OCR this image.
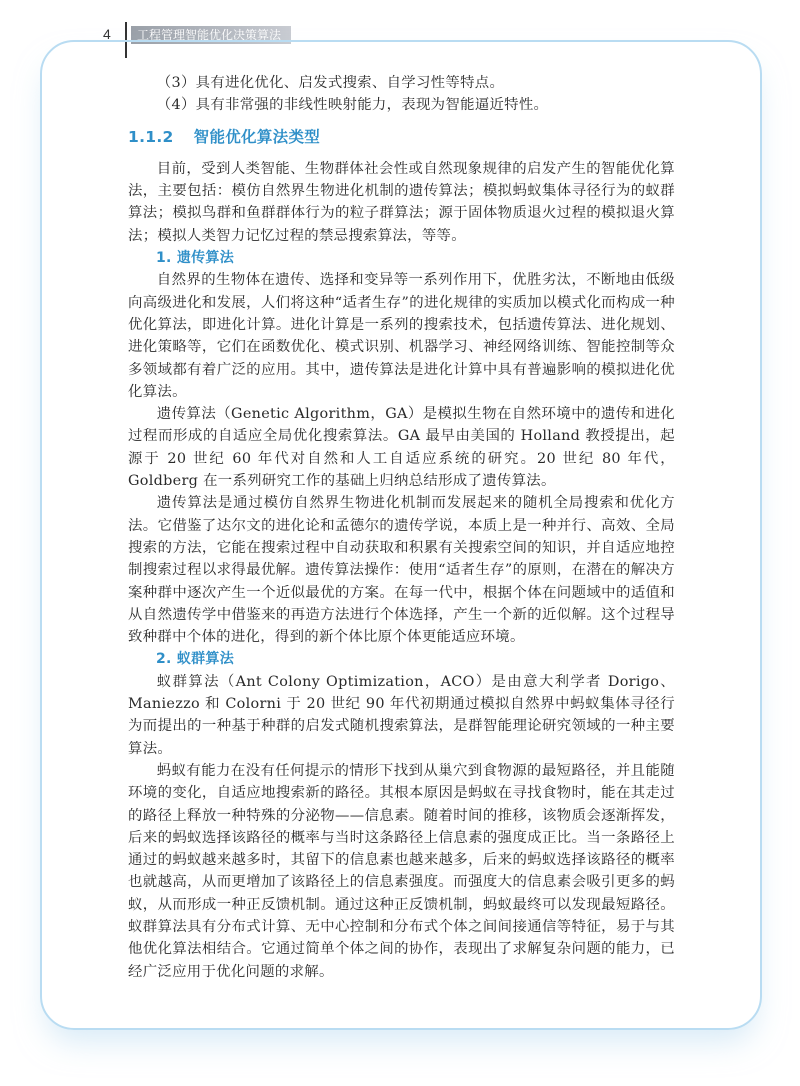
4	工程管理智能优化决策算法

（3）具有进化优化、启发式搜索、自学习性等特点。

（4）具有非常强的非线性映射能力，表现为智能逼近特性。

1.1.2 智能优化算法类型

目前，受到人类智能、生物群体社会性或自然现象规律的启发产生的智能优化算法，主要包括：模仿自然界生物进化机制的遗传算法；模拟蚂蚁集体寻径行为的蚁群算法；模拟鸟群和鱼群群体行为的粒子群算法；源于固体物质退火过程的模拟退火算法；模拟人类智力记忆过程的禁忌搜索算法，等等。

1. 遗传算法

自然界的生物体在遗传、选择和变异等一系列作用下，优胜劣汰，不断地由低级向高级进化和发展，人们将这种“适者生存”的进化规律的实质加以模式化而构成一种优化算法，即进化计算。进化计算是一系列的搜索技术，包括遗传算法、进化规划、进化策略等，它们在函数优化、模式识别、机器学习、神经网络训练、智能控制等众多领域都有着广泛的应用。其中，遗传算法是进化计算中具有普遍影响的模拟进化优化算法。

遗传算法（Genetic Algorithm，GA）是模拟生物在自然环境中的遗传和进化过程而形成的自适应全局优化搜索算法。GA 最早由美国的 Holland 教授提出，起源于 20 世纪 60 年代对自然和人工自适应系统的研究。20 世纪 80 年代，Goldberg 在一系列研究工作的基础上归纳总结形成了遗传算法。

遗传算法是通过模仿自然界生物进化机制而发展起来的随机全局搜索和优化方法。它借鉴了达尔文的进化论和孟德尔的遗传学说，本质上是一种并行、高效、全局搜索的方法，它能在搜索过程中自动获取和积累有关搜索空间的知识，并自适应地控制搜索过程以求得最优解。遗传算法操作：使用“适者生存”的原则，在潜在的解决方案种群中逐次产生一个近似最优的方案。在每一代中，根据个体在问题域中的适值和从自然遗传学中借鉴来的再造方法进行个体选择，产生一个新的近似解。这个过程导致种群中个体的进化，得到的新个体比原个体更能适应环境。

2. 蚁群算法

蚁群算法（Ant Colony Optimization，ACO）是由意大利学者 Dorigo、Maniezzo 和 Colorni 于 20 世纪 90 年代初期通过模拟自然界中蚂蚁集体寻径行为而提出的一种基于种群的启发式随机搜索算法，是群智能理论研究领域的一种主要算法。

蚂蚁有能力在没有任何提示的情形下找到从巢穴到食物源的最短路径，并且能随环境的变化，自适应地搜索新的路径。其根本原因是蚂蚁在寻找食物时，能在其走过的路径上释放一种特殊的分泌物——信息素。随着时间的推移，该物质会逐渐挥发，后来的蚂蚁选择该路径的概率与当时这条路径上信息素的强度成正比。当一条路径上通过的蚂蚁越来越多时，其留下的信息素也越来越多，后来的蚂蚁选择该路径的概率也就越高，从而更增加了该路径上的信息素强度。而强度大的信息素会吸引更多的蚂蚁，从而形成一种正反馈机制。通过这种正反馈机制，蚂蚁最终可以发现最短路径。蚁群算法具有分布式计算、无中心控制和分布式个体之间间接通信等特征，易于与其他优化算法相结合。它通过简单个体之间的协作，表现出了求解复杂问题的能力，已经广泛应用于优化问题的求解。
